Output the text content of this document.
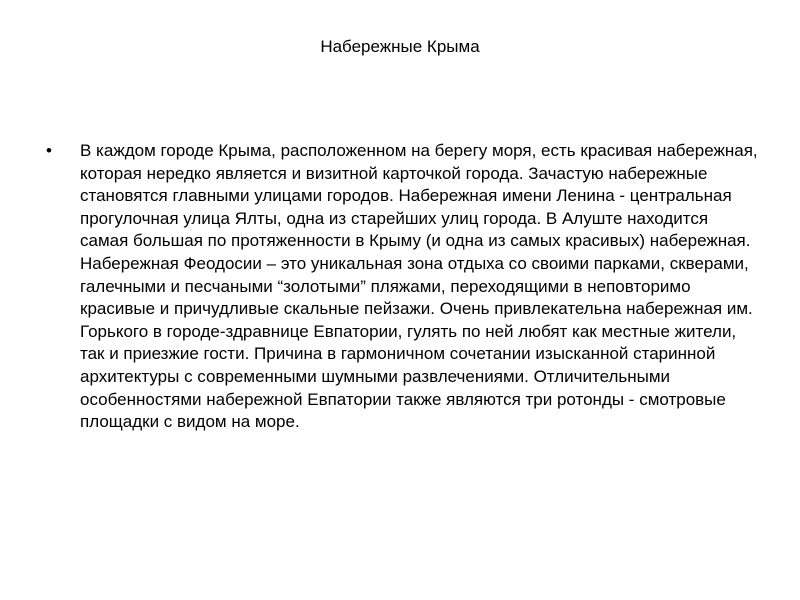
Набережные Крыма
•	В каждом городе Крыма, расположенном на берегу моря, есть красивая набережная, которая нередко является и визитной карточкой города. Зачастую набережные становятся главными улицами городов. Набережная имени Ленина - центральная прогулочная улица Ялты, одна из старейших улиц города. В Алуште находится самая большая по протяженности в Крыму (и одна из самых красивых) набережная. Набережная Феодосии – это уникальная зона отдыха со своими парками, скверами, галечными и песчаными “золотыми” пляжами, переходящими в неповторимо красивые и причудливые скальные пейзажи. Очень привлекательна набережная им. Горького в городе-здравнице Евпатории, гулять по ней любят как местные жители, так и приезжие гости. Причина в гармоничном сочетании изысканной старинной архитектуры с современными шумными развлечениями. Отличительными особенностями набережной Евпатории также являются три ротонды - смотровые площадки с видом на море.
